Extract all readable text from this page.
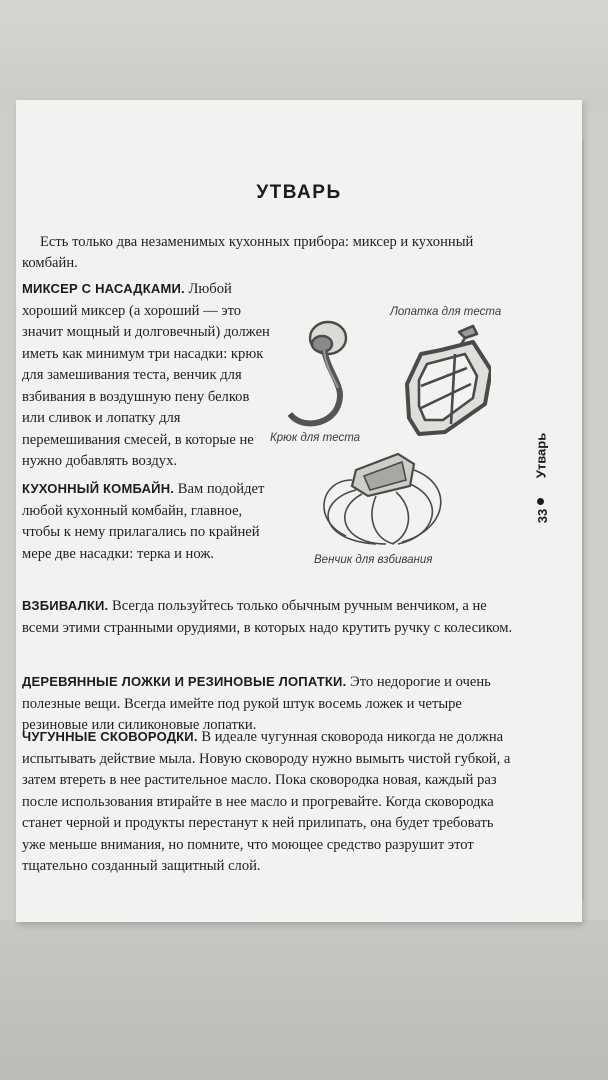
УТВАРЬ
Есть только два незаменимых кухонных прибора: миксер и кухонный комбайн.
МИКСЕР С НАСАДКАМИ. Любой хороший миксер (а хороший — это значит мощный и долговечный) должен иметь как минимум три насадки: крюк для замешивания теста, венчик для взбивания в воздушную пену белков или сливок и лопатку для перемешивания смесей, в которые не нужно добавлять воздух.
Лопатка для теста
Крюк для теста
КУХОННЫЙ КОМБАЙН. Вам подойдет любой кухонный комбайн, главное, чтобы к нему прилагались по крайней мере две насадки: терка и нож.	Венчик для взбивания
ВЗБИВАЛКИ. Всегда пользуйтесь только обычным ручным венчиком, а не всеми этими странными орудиями, в которых надо крутить ручку с колесиком.
ДЕРЕВЯННЫЕ ЛОЖКИ И РЕЗИНОВЫЕ ЛОПАТКИ. Это недорогие и очень полезные вещи. Всегда имейте под рукой штук восемь ложек и четыре резиновые или силиконовые лопатки.
ЧУГУННЫЕ СКОВОРОДКИ. В идеале чугунная сковорода никогда не должна испытывать действие мыла. Новую сковороду нужно вымыть чистой губкой, а затем втереть в нее растительное масло. Пока сковородка новая, каждый раз после использования втирайте в нее масло и прогревайте. Когда сковородка станет черной и продукты перестанут к ней прилипать, она будет требовать уже меньше внимания, но помните, что моющее средство разрушит этот тщательно созданный защитный слой.
Утварь
33
